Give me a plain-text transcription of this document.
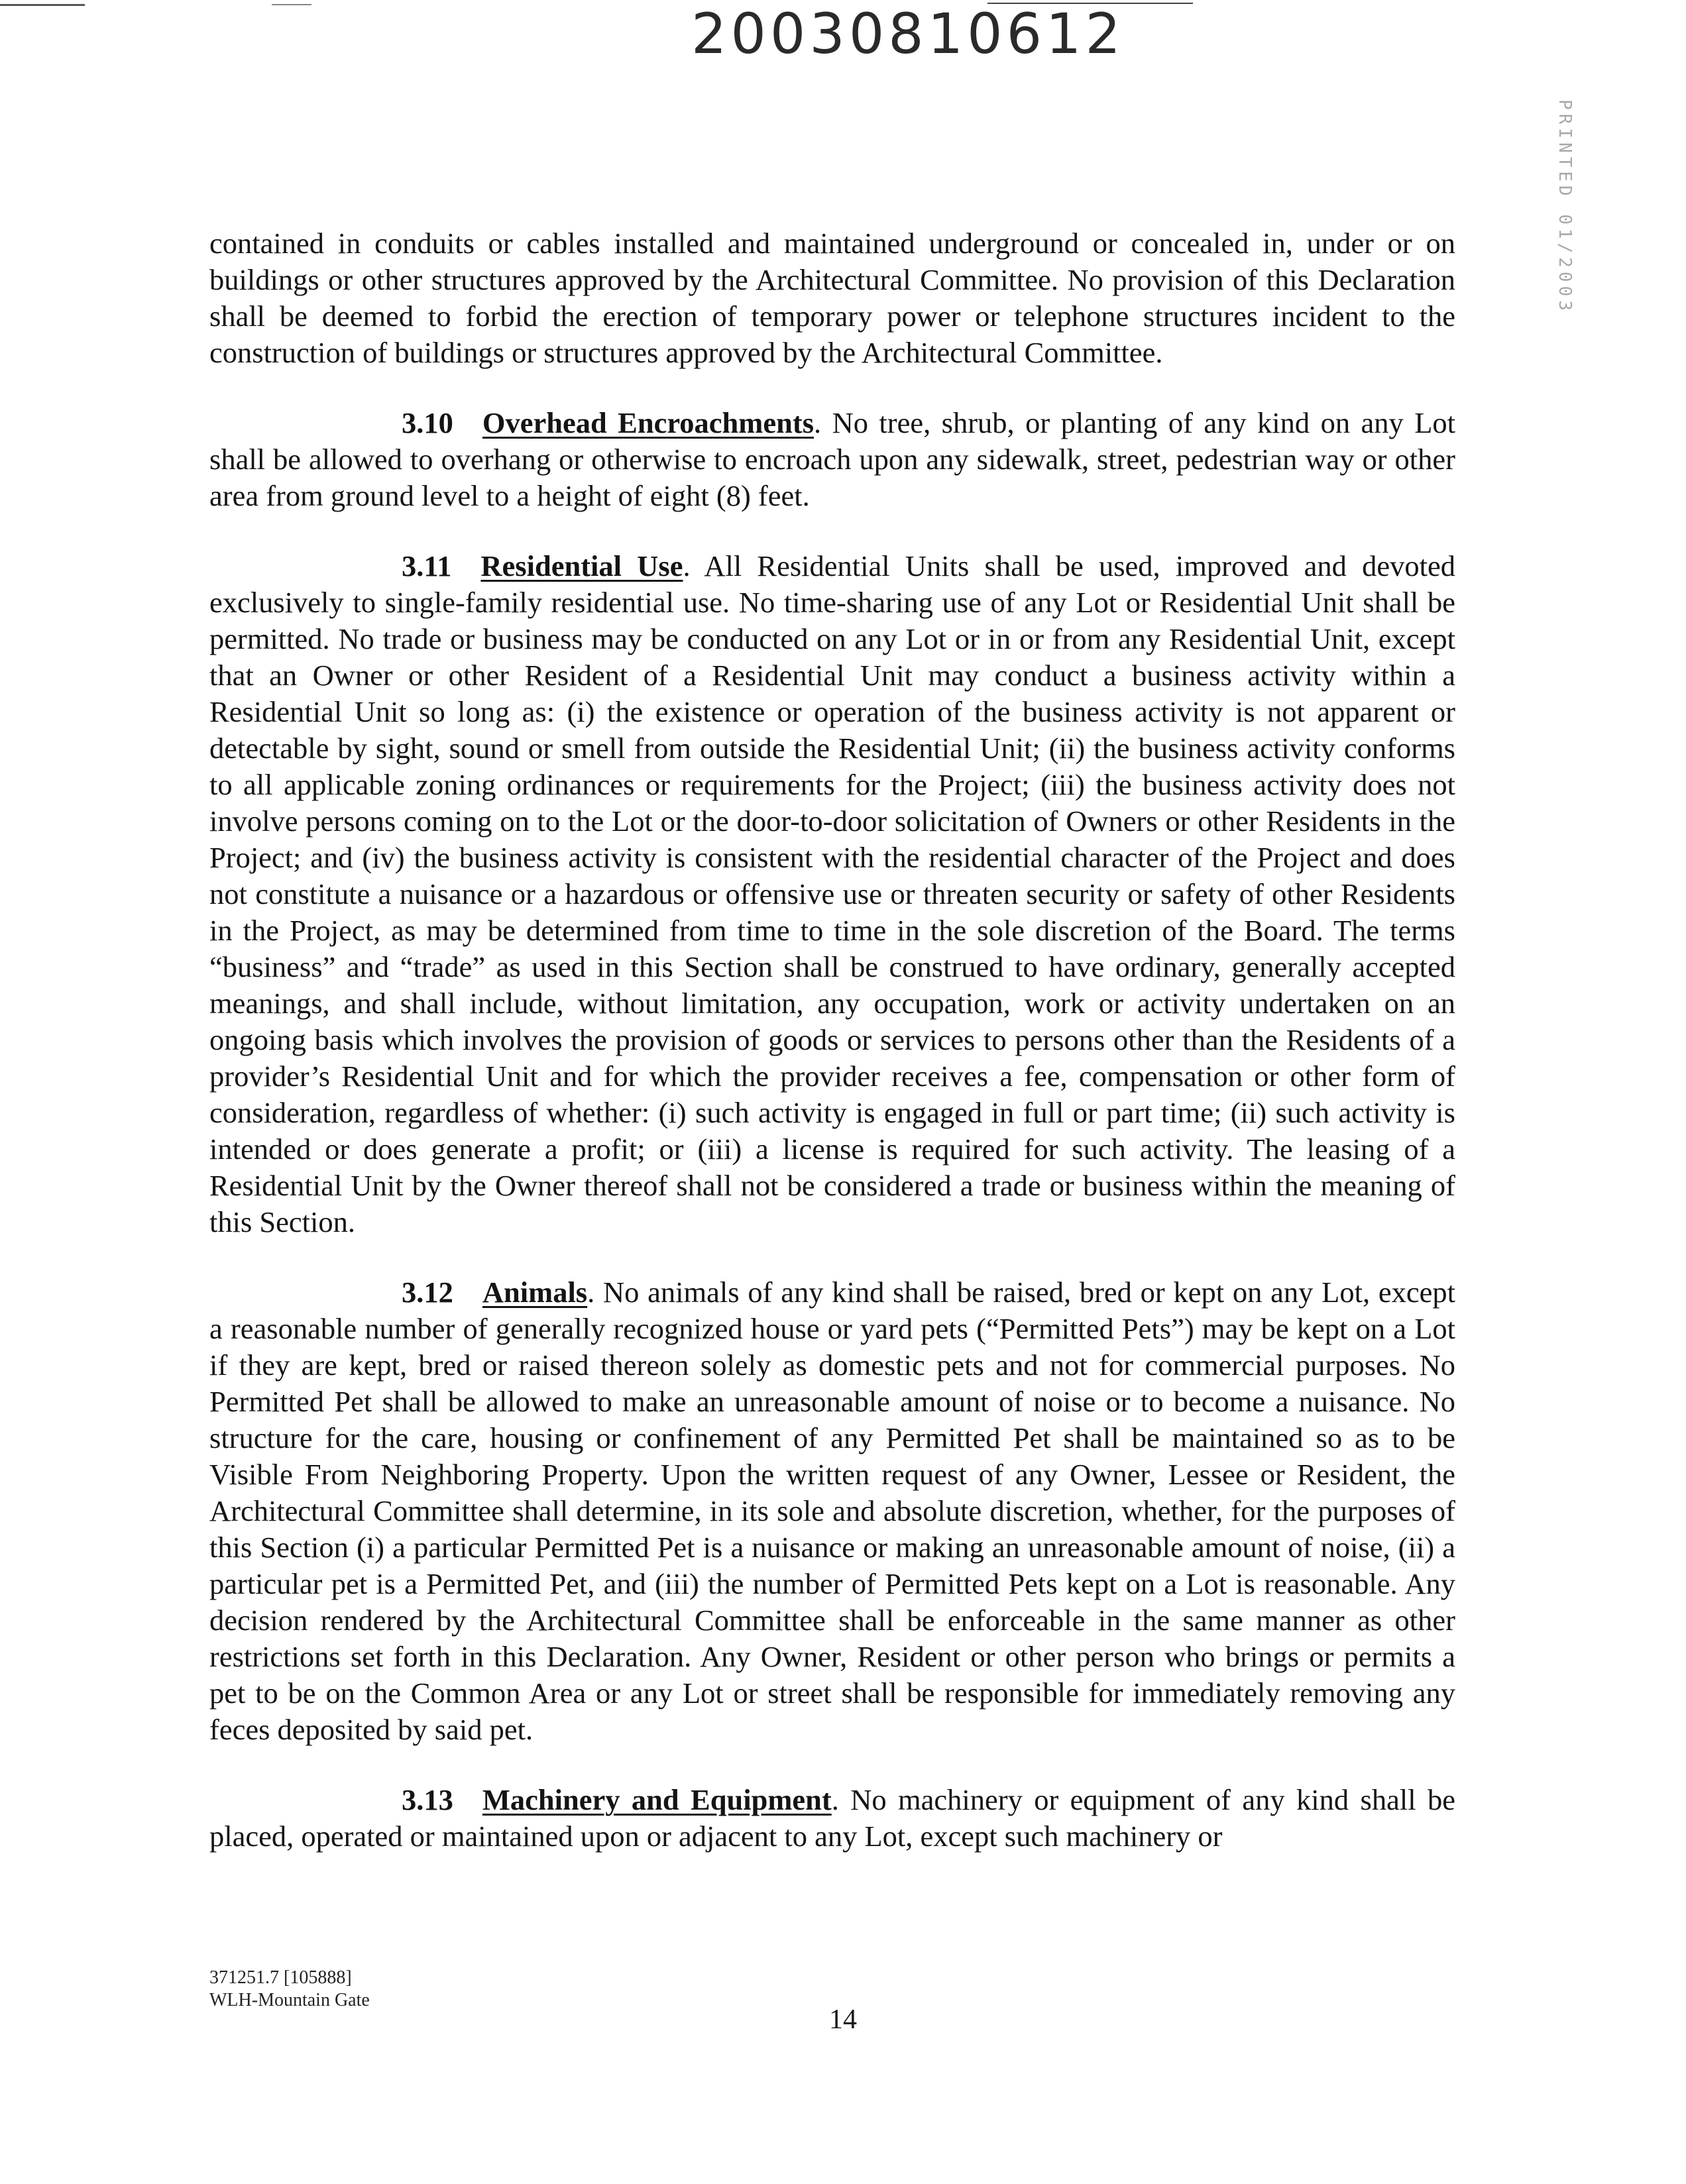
20030810612
PRINTED 01/2003

contained in conduits or cables installed and maintained underground or concealed in, under or on buildings or other structures approved by the Architectural Committee. No provision of this Declaration shall be deemed to forbid the erection of temporary power or telephone structures incident to the construction of buildings or structures approved by the Architectural Committee.

3.10 Overhead Encroachments. No tree, shrub, or planting of any kind on any Lot shall be allowed to overhang or otherwise to encroach upon any sidewalk, street, pedestrian way or other area from ground level to a height of eight (8) feet.

3.11 Residential Use. All Residential Units shall be used, improved and devoted exclusively to single-family residential use. No time-sharing use of any Lot or Residential Unit shall be permitted. No trade or business may be conducted on any Lot or in or from any Residential Unit, except that an Owner or other Resident of a Residential Unit may conduct a business activity within a Residential Unit so long as: (i) the existence or operation of the business activity is not apparent or detectable by sight, sound or smell from outside the Residential Unit; (ii) the business activity conforms to all applicable zoning ordinances or requirements for the Project; (iii) the business activity does not involve persons coming on to the Lot or the door-to-door solicitation of Owners or other Residents in the Project; and (iv) the business activity is consistent with the residential character of the Project and does not constitute a nuisance or a hazardous or offensive use or threaten security or safety of other Residents in the Project, as may be determined from time to time in the sole discretion of the Board. The terms “business” and “trade” as used in this Section shall be construed to have ordinary, generally accepted meanings, and shall include, without limitation, any occupation, work or activity undertaken on an ongoing basis which involves the provision of goods or services to persons other than the Residents of a provider’s Residential Unit and for which the provider receives a fee, compensation or other form of consideration, regardless of whether: (i) such activity is engaged in full or part time; (ii) such activity is intended or does generate a profit; or (iii) a license is required for such activity. The leasing of a Residential Unit by the Owner thereof shall not be considered a trade or business within the meaning of this Section.

3.12 Animals. No animals of any kind shall be raised, bred or kept on any Lot, except a reasonable number of generally recognized house or yard pets (“Permitted Pets”) may be kept on a Lot if they are kept, bred or raised thereon solely as domestic pets and not for commercial purposes. No Permitted Pet shall be allowed to make an unreasonable amount of noise or to become a nuisance. No structure for the care, housing or confinement of any Permitted Pet shall be maintained so as to be Visible From Neighboring Property. Upon the written request of any Owner, Lessee or Resident, the Architectural Committee shall determine, in its sole and absolute discretion, whether, for the purposes of this Section (i) a particular Permitted Pet is a nuisance or making an unreasonable amount of noise, (ii) a particular pet is a Permitted Pet, and (iii) the number of Permitted Pets kept on a Lot is reasonable. Any decision rendered by the Architectural Committee shall be enforceable in the same manner as other restrictions set forth in this Declaration. Any Owner, Resident or other person who brings or permits a pet to be on the Common Area or any Lot or street shall be responsible for immediately removing any feces deposited by said pet.

3.13 Machinery and Equipment. No machinery or equipment of any kind shall be placed, operated or maintained upon or adjacent to any Lot, except such machinery or

371251.7 [105888]
WLH-Mountain Gate
14
